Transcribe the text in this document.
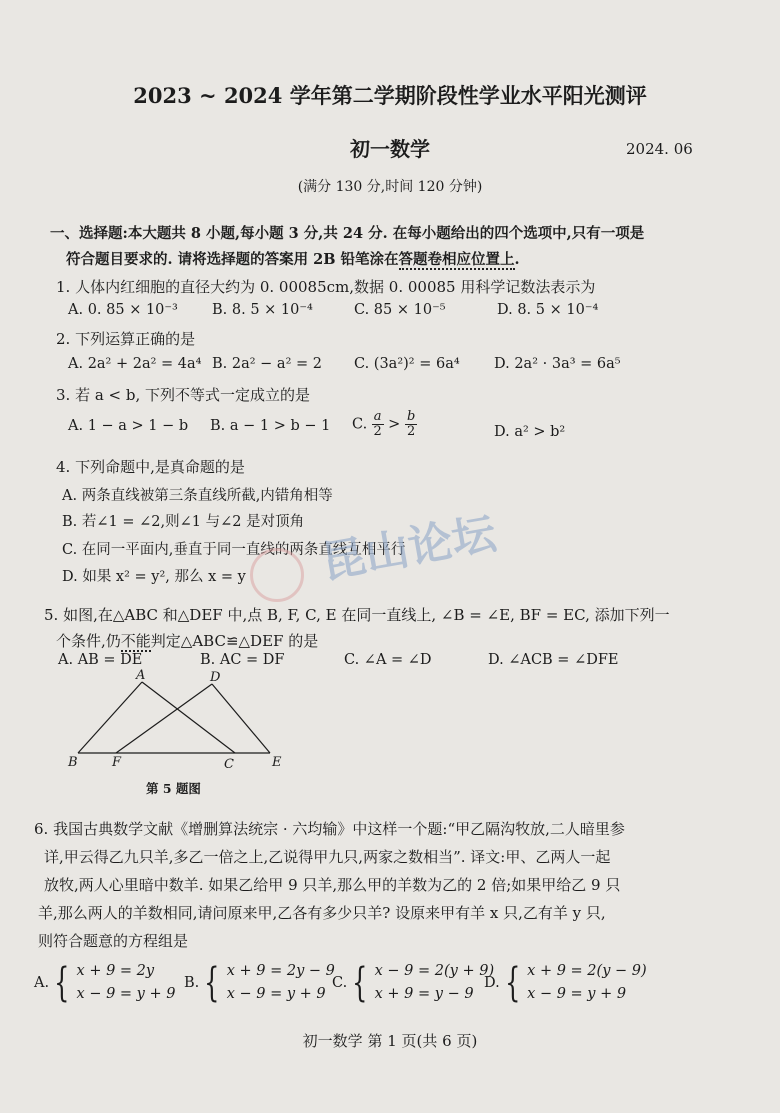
2023 ~ 2024 学年第二学期阶段性学业水平阳光测评
初一数学	2024. 06
(满分 130 分,时间 120 分钟)
一、选择题:本大题共 8 小题,每小题 3 分,共 24 分. 在每小题给出的四个选项中,只有一项是
符合题目要求的. 请将选择题的答案用 2B 铅笔涂在答题卷相应位置上.
1. 人体内红细胞的直径大约为 0. 00085cm,数据 0. 00085 用科学记数法表示为
A. 0. 85 × 10⁻³ B. 8. 5 × 10⁻⁴	C. 85 × 10⁻⁵	D. 8. 5 × 10⁻⁴
2. 下列运算正确的是
A. 2a² + 2a² = 4a⁴ B. 2a² − a² = 2 C. (3a²)² = 6a⁴ D. 2a² · 3a³ = 6a⁵
3. 若 a < b, 下列不等式一定成立的是
A. 1 − a > 1 − b B. a − 1 > b − 1 C. $\frac{a}{2} > \frac{b}{2}$	D. a² > b²
4. 下列命题中,是真命题的是
A. 两条直线被第三条直线所截,内错角相等
B. 若∠1 = ∠2,则∠1 与∠2 是对顶角
C. 在同一平面内,垂直于同一直线的两条直线互相平行
D. 如果 x² = y², 那么 x = y 昆山论坛
5. 如图,在△ABC 和△DEF 中,点 B, F, C, E 在同一直线上, ∠B = ∠E, BF = EC, 添加下列一
个条件,仍不能判定△ABC≌△DEF 的是
A. AB = DE	B. AC = DF	C. ∠A = ∠D	D. ∠ACB = ∠DFE
A	D
B	F	C	E
第 5 题图
6. 我国古典数学文献《增删算法统宗 · 六均输》中这样一个题:“甲乙隔沟牧放,二人暗里参
详,甲云得乙九只羊,多乙一倍之上,乙说得甲九只,两家之数相当”. 译文:甲、乙两人一起
放牧,两人心里暗中数羊. 如果乙给甲 9 只羊,那么甲的羊数为乙的 2 倍;如果甲给乙 9 只
羊,那么两人的羊数相同,请问原来甲,乙各有多少只羊? 设原来甲有羊 x 只,乙有羊 y 只,
则符合题意的方程组是
A. { x + 9 = 2y
x − 9 = y + 9
B. { x + 9 = 2y − 9
x − 9 = y + 9
C. { x − 9 = 2(y + 9)
x + 9 = y − 9
D. { x + 9 = 2(y − 9)
x − 9 = y + 9
初一数学 第 1 页(共 6 页)
